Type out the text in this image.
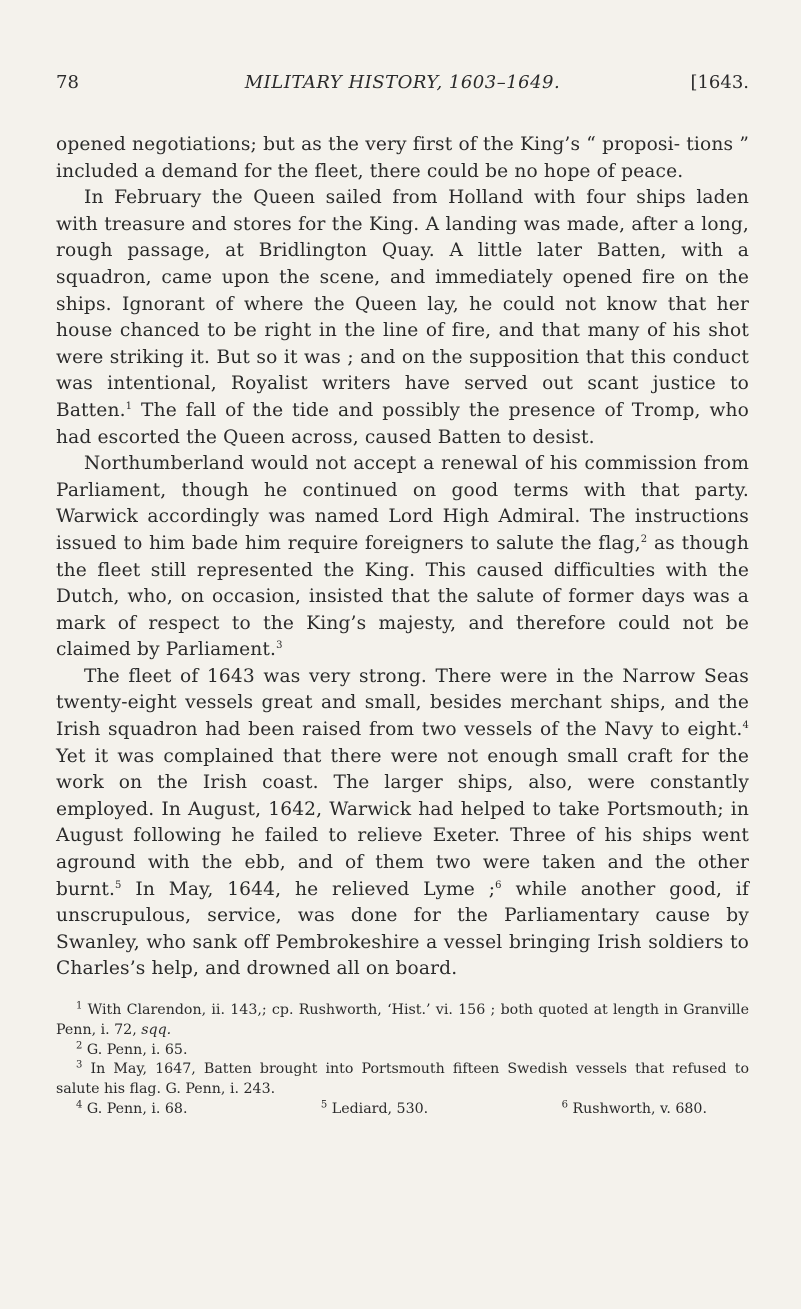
78	MILITARY HISTORY, 1603–1649.	[1643.

opened negotiations; but as the very first of the King’s “ proposi- tions ” included a demand for the fleet, there could be no hope of peace.

In February the Queen sailed from Holland with four ships laden with treasure and stores for the King. A landing was made, after a long, rough passage, at Bridlington Quay. A little later Batten, with a squadron, came upon the scene, and immediately opened fire on the ships. Ignorant of where the Queen lay, he could not know that her house chanced to be right in the line of fire, and that many of his shot were striking it. But so it was ; and on the supposition that this conduct was intentional, Royalist writers have served out scant justice to Batten.$^1$ The fall of the tide and possibly the presence of Tromp, who had escorted the Queen across, caused Batten to desist.

Northumberland would not accept a renewal of his commission from Parliament, though he continued on good terms with that party. Warwick accordingly was named Lord High Admiral. The instructions issued to him bade him require foreigners to salute the flag,$^2$ as though the fleet still represented the King. This caused difficulties with the Dutch, who, on occasion, insisted that the salute of former days was a mark of respect to the King’s majesty, and therefore could not be claimed by Parliament.$^3$

The fleet of 1643 was very strong. There were in the Narrow Seas twenty-eight vessels great and small, besides merchant ships, and the Irish squadron had been raised from two vessels of the Navy to eight.$^4$ Yet it was complained that there were not enough small craft for the work on the Irish coast. The larger ships, also, were constantly employed. In August, 1642, Warwick had helped to take Portsmouth; in August following he failed to relieve Exeter. Three of his ships went aground with the ebb, and of them two were taken and the other burnt.$^5$ In May, 1644, he relieved Lyme ;$^6$ while another good, if unscrupulous, service, was done for the Parliamentary cause by Swanley, who sank off Pembrokeshire a vessel bringing Irish soldiers to Charles’s help, and drowned all on board.

$^1$ With Clarendon, ii. 143,; cp. Rushworth, ‘Hist.’ vi. 156 ; both quoted at length in Granville Penn, i. 72, sqq.

$^2$ G. Penn, i. 65.

$^3$ In May, 1647, Batten brought into Portsmouth fifteen Swedish vessels that refused to salute his flag. G. Penn, i. 243.

$^4$ G. Penn, i. 68.	$^5$ Lediard, 530.	$^6$ Rushworth, v. 680.
